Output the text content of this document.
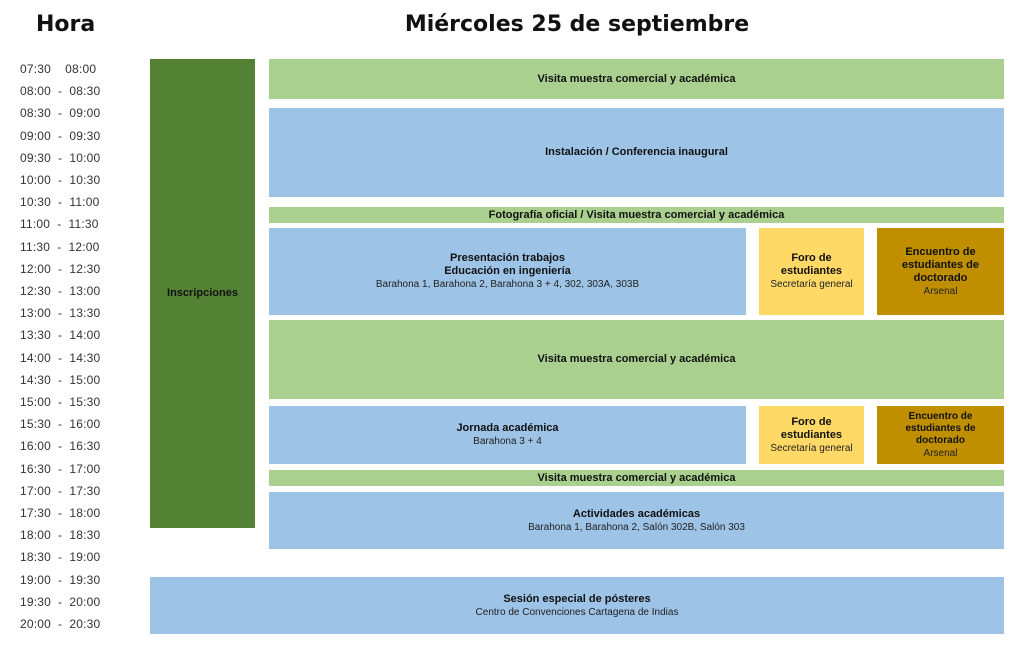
Hora	Miércoles 25 de septiembre
07:30    08:00
08:00  -  08:30
08:30  -  09:00
09:00  -  09:30
09:30  -  10:00
10:00  -  10:30
10:30  -  11:00
11:00  -  11:30
11:30  -  12:00
12:00  -  12:30
12:30  -  13:00
13:00  -  13:30
13:30  -  14:00
14:00  -  14:30
14:30  -  15:00
15:00  -  15:30
15:30  -  16:00
16:00  -  16:30
16:30  -  17:00
17:00  -  17:30
17:30  -  18:00
18:00  -  18:30
18:30  -  19:00
19:00  -  19:30
19:30  -  20:00
20:00  -  20:30
Inscripciones
Visita muestra comercial y académica
Instalación / Conferencia inaugural
Fotografía oficial / Visita muestra comercial y académica
Presentación trabajos
Educación en ingeniería
Barahona 1, Barahona 2, Barahona 3 + 4, 302, 303A, 303B
Foro de
estudiantes
Secretaría general
Encuentro de
estudiantes de
doctorado
Arsenal
Visita muestra comercial y académica
Jornada académica
Barahona 3 + 4
Foro de
estudiantes
Secretaría general
Encuentro de
estudiantes de
doctorado
Arsenal
Visita muestra comercial y académica
Actividades académicas
Barahona 1, Barahona 2, Salón 302B, Salón 303
Sesión especial de pósteres
Centro de Convenciones Cartagena de Indias
